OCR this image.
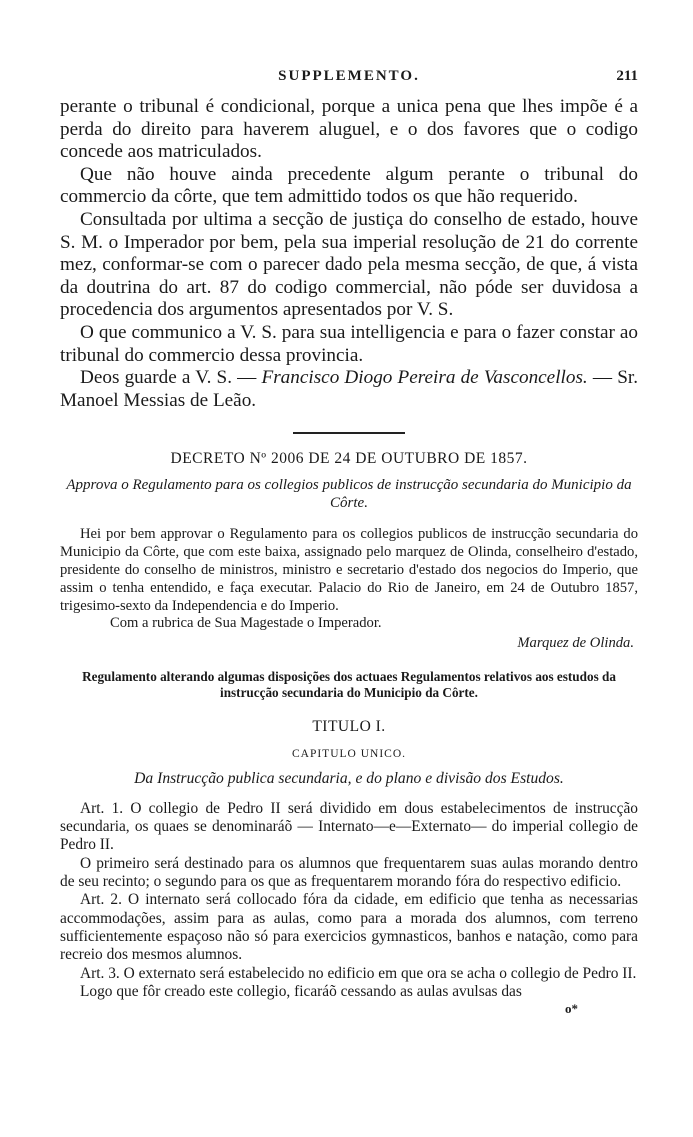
SUPPLEMENTO.	211

perante o tribunal é condicional, porque a unica pena que lhes impõe é a perda do direito para haverem aluguel, e o dos favores que o codigo concede aos matriculados.

Que não houve ainda precedente algum perante o tribunal do commercio da côrte, que tem admittido todos os que hão requerido.

Consultada por ultima a secção de justiça do conselho de estado, houve S. M. o Imperador por bem, pela sua imperial resolução de 21 do corrente mez, conformar-se com o parecer dado pela mesma secção, de que, á vista da doutrina do art. 87 do codigo commercial, não póde ser duvidosa a procedencia dos argumentos apresentados por V. S.

O que communico a V. S. para sua intelligencia e para o fazer constar ao tribunal do commercio dessa provincia.

Deos guarde a V. S. — Francisco Diogo Pereira de Vasconcellos. — Sr. Manoel Messias de Leão.

DECRETO Nº 2006 DE 24 DE OUTUBRO DE 1857.
Approva o Regulamento para os collegios publicos de instrucção secundaria do Municipio da Côrte.

Hei por bem approvar o Regulamento para os collegios publicos de instrucção secundaria do Municipio da Côrte, que com este baixa, assignado pelo marquez de Olinda, conselheiro d'estado, presidente do conselho de ministros, ministro e secretario d'estado dos negocios do Imperio, que assim o tenha entendido, e faça executar. Palacio do Rio de Janeiro, em 24 de Outubro 1857, trigesimo-sexto da Independencia e do Imperio.

Com a rubrica de Sua Magestade o Imperador.

Marquez de Olinda.

Regulamento alterando algumas disposições dos actuaes Regulamentos relativos aos estudos da instrucção secundaria do Municipio da Côrte.
TITULO I.
CAPITULO UNICO.
Da Instrucção publica secundaria, e do plano e divisão dos Estudos.

Art. 1. O collegio de Pedro II será dividido em dous estabelecimentos de instrucção secundaria, os quaes se denominaráõ — Internato—e—Externato— do imperial collegio de Pedro II.

O primeiro será destinado para os alumnos que frequentarem suas aulas morando dentro de seu recinto; o segundo para os que as frequentarem morando fóra do respectivo edificio.

Art. 2. O internato será collocado fóra da cidade, em edificio que tenha as necessarias accommodações, assim para as aulas, como para a morada dos alumnos, com terreno sufficientemente espaçoso não só para exercicios gymnasticos, banhos e natação, como para recreio dos mesmos alumnos.

Art. 3. O externato será estabelecido no edificio em que ora se acha o collegio de Pedro II.

Logo que fôr creado este collegio, ficaráõ cessando as aulas avulsas das

o*
